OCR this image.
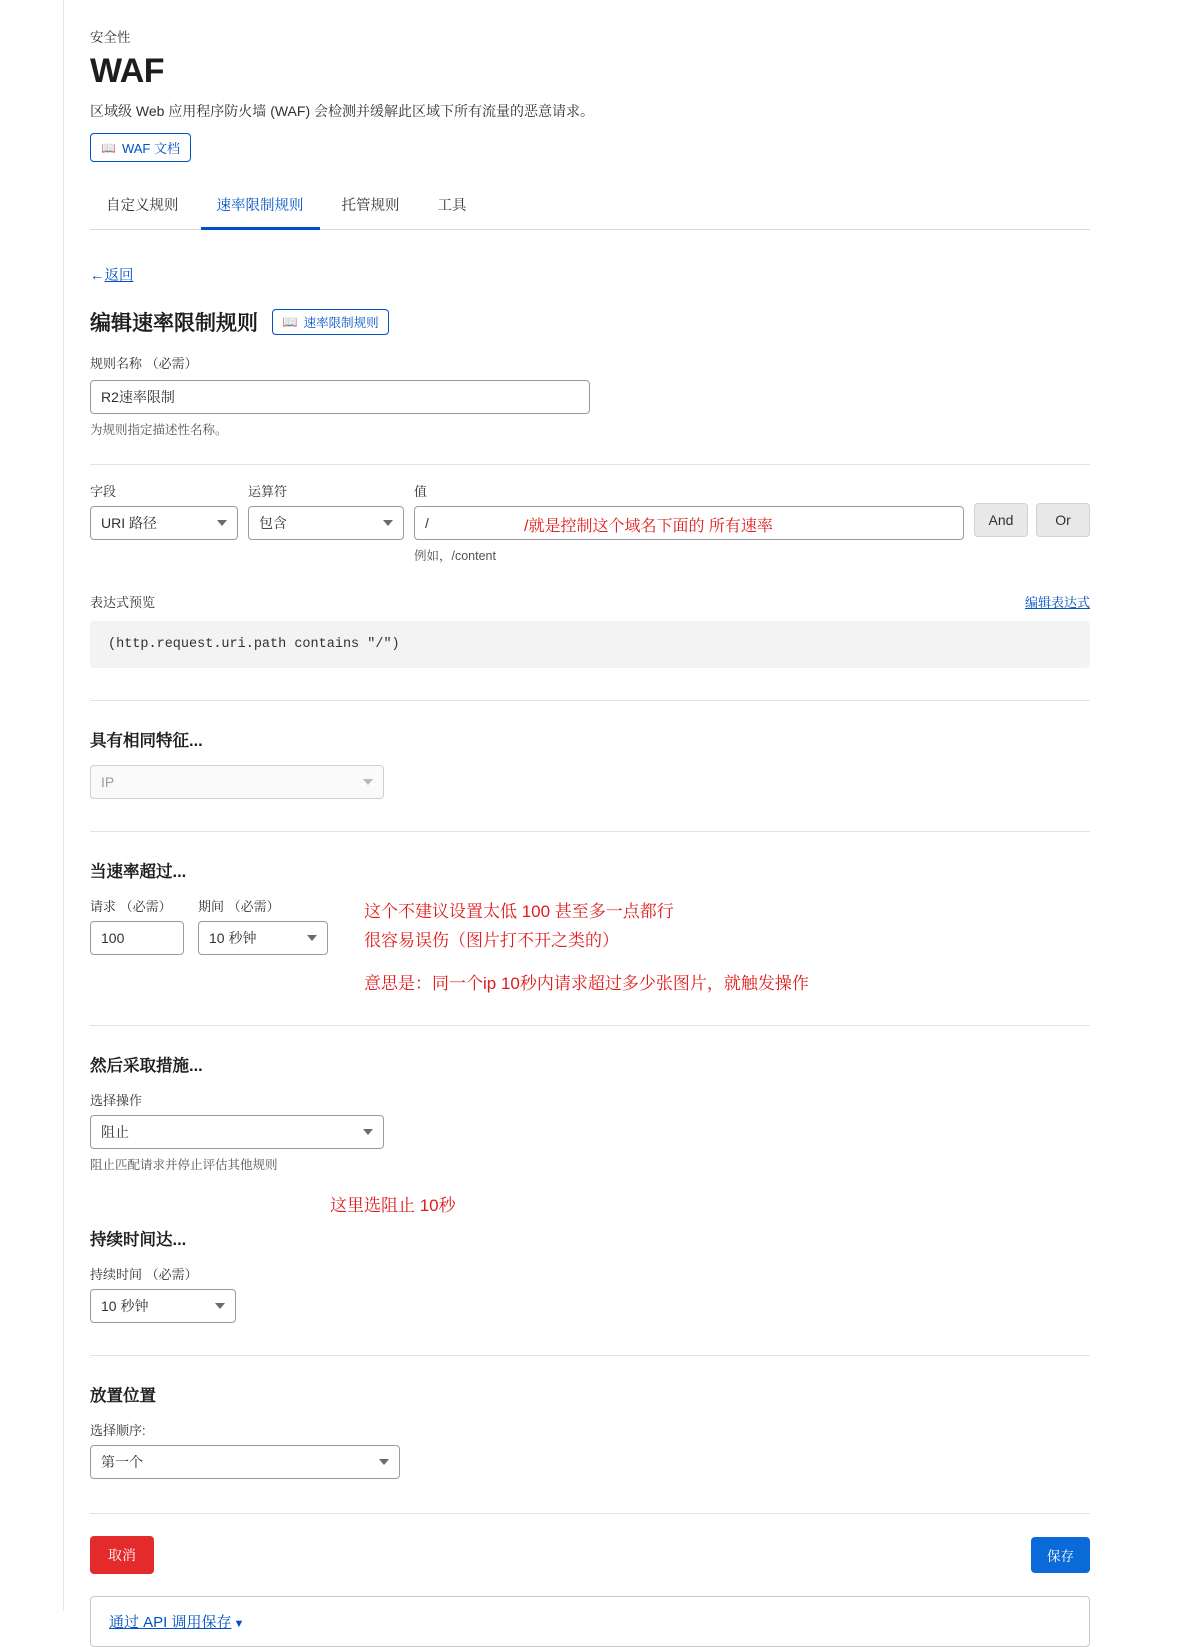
安全性
WAF
区域级 Web 应用程序防火墙 (WAF) 会检测并缓解此区域下所有流量的恶意请求。
📖 WAF 文档
自定义规则	速率限制规则	托管规则	工具
←返回
编辑速率限制规则 📖 速率限制规则
规则名称 （必需）
R2速率限制
为规则指定描述性名称。
字段
URI 路径
运算符
包含
值
/
/就是控制这个域名下面的 所有速率
例如，/content
And	Or
表达式预览	编辑表达式
(http.request.uri.path contains "/")
具有相同特征...
IP
当速率超过...
请求 （必需）
100	期间 （必需）
10 秒钟
这个不建议设置太低 100 甚至多一点都行
很容易误伤（图片打不开之类的）
意思是：同一个ip 10秒内请求超过多少张图片，就触发操作
然后采取措施...
选择操作
阻止
阻止匹配请求并停止评估其他规则
这里选阻止 10秒
持续时间达...
持续时间 （必需）
10 秒钟
放置位置
选择顺序:
第一个
取消	保存
通过 API 调用保存 ▼
